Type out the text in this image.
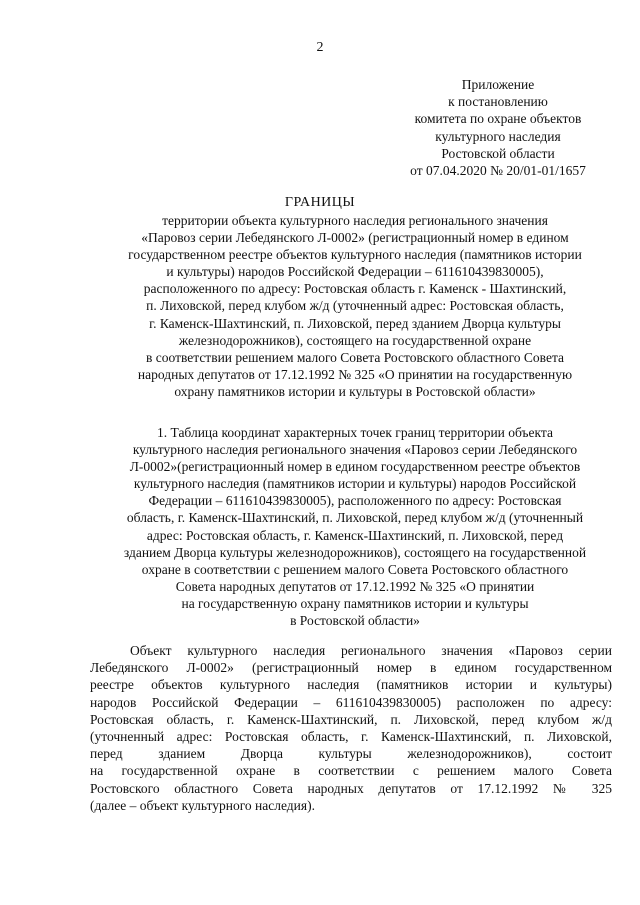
2
Приложение
к постановлению
комитета по охране объектов
культурного наследия
Ростовской области
от 07.04.2020 № 20/01-01/1657
ГРАНИЦЫ
территории объекта культурного наследия регионального значения
«Паровоз серии Лебедянского Л-0002» (регистрационный номер в едином
государственном реестре объектов культурного наследия (памятников истории
и культуры) народов Российской Федерации – 611610439830005),
расположенного по адресу: Ростовская область г. Каменск - Шахтинский,
п. Лиховской, перед клубом ж/д (уточненный адрес: Ростовская область,
г. Каменск-Шахтинский, п. Лиховской, перед зданием Дворца культуры
железнодорожников), состоящего на государственной охране
в соответствии решением малого Совета Ростовского областного Совета
народных депутатов от 17.12.1992 № 325 «О принятии на государственную
охрану памятников истории и культуры в Ростовской области»
1. Таблица координат характерных точек границ территории объекта
культурного наследия регионального значения «Паровоз серии Лебедянского
Л-0002»(регистрационный номер в едином государственном реестре объектов
культурного наследия (памятников истории и культуры) народов Российской
Федерации – 611610439830005), расположенного по адресу: Ростовская
область, г. Каменск-Шахтинский, п. Лиховской, перед клубом ж/д (уточненный
адрес: Ростовская область, г. Каменск-Шахтинский, п. Лиховской, перед
зданием Дворца культуры железнодорожников), состоящего на государственной
охране в соответствии с решением малого Совета Ростовского областного
Совета народных депутатов от 17.12.1992 № 325 «О принятии
на государственную охрану памятников истории и культуры
в Ростовской области»
Объект культурного наследия регионального значения «Паровоз серии
Лебедянского Л-0002» (регистрационный номер в едином государственном
реестре объектов культурного наследия (памятников истории и культуры)
народов Российской Федерации – 611610439830005) расположен по адресу:
Ростовская область, г. Каменск-Шахтинский, п. Лиховской, перед клубом ж/д
(уточненный адрес: Ростовская область, г. Каменск-Шахтинский, п. Лиховской,
перед зданием Дворца культуры железнодорожников), состоит
на государственной охране в соответствии с решением малого Совета
Ростовского областного Совета народных депутатов от 17.12.1992 № 325
(далее – объект культурного наследия).
